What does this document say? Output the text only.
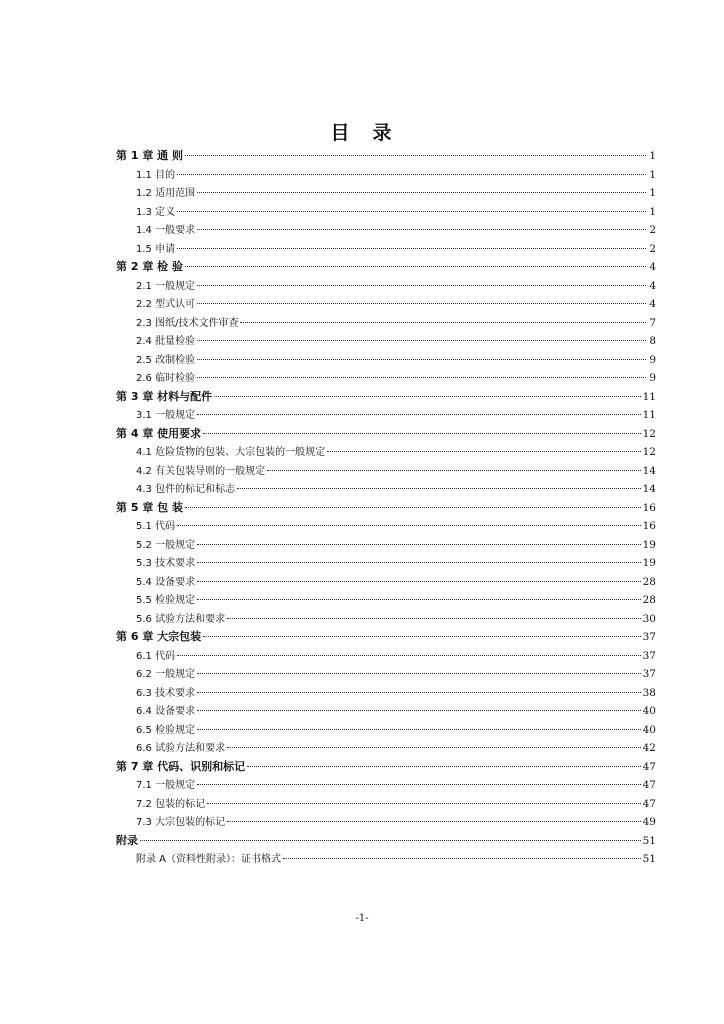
目　录
第 1 章 通 则	1
1.1 目的	1
1.2 适用范围	1
1.3 定义	1
1.4 一般要求	2
1.5 申请	2
第 2 章 检 验	4
2.1 一般规定	4
2.2 型式认可	4
2.3 图纸/技术文件审查	7
2.4 批量检验	8
2.5 改制检验	9
2.6 临时检验	9
第 3 章 材料与配件	11
3.1 一般规定	11
第 4 章 使用要求	12
4.1 危险货物的包装、大宗包装的一般规定	12
4.2 有关包装导则的一般规定	14
4.3 包件的标记和标志	14
第 5 章 包 装	16
5.1 代码	16
5.2 一般规定	19
5.3 技术要求	19
5.4 设备要求	28
5.5 检验规定	28
5.6 试验方法和要求	30
第 6 章 大宗包装	37
6.1 代码	37
6.2 一般规定	37
6.3 技术要求	38
6.4 设备要求	40
6.5 检验规定	40
6.6 试验方法和要求	42
第 7 章 代码、识别和标记	47
7.1 一般规定	47
7.2 包装的标记	47
7.3 大宗包装的标记	49
附录	51
附录 A（资料性附录）：证书格式	51

-1-
